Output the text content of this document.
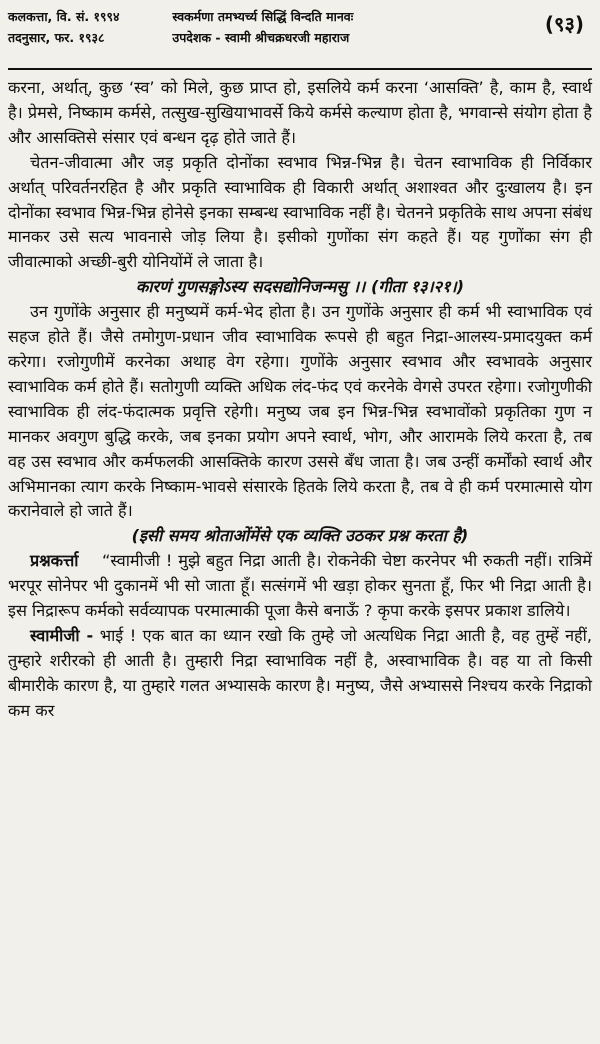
कलकत्ता, वि. सं. १९९४	स्वकर्मणा तमभ्यर्च्य सिद्धिं विन्दति मानवः
तदनुसार, फर. १९३८	उपदेशक - स्वामी श्रीचक्रधरजी महाराज
(९३)

करना, अर्थात्, कुछ ‘स्व’ को मिले, कुछ प्राप्त हो, इसलिये कर्म करना ‘आसक्ति’ है, काम है, स्वार्थ है। प्रेमसे, निष्काम कर्मसे, तत्सुख-सुखियाभावर्से किये कर्मसे कल्याण होता है, भगवान्से संयोग होता है और आसक्तिसे संसार एवं बन्धन दृढ़ होते जाते हैं।

चेतन-जीवात्मा और जड़ प्रकृति दोनोंका स्वभाव भिन्न-भिन्न है। चेतन स्वाभाविक ही निर्विकार अर्थात् परिवर्तनरहित है और प्रकृति स्वाभाविक ही विकारी अर्थात् अशाश्वत और दुःखालय है। इन दोनोंका स्वभाव भिन्न-भिन्न होनेसे इनका सम्बन्ध स्वाभाविक नहीं है। चेतनने प्रकृतिके साथ अपना संबंध मानकर उसे सत्य भावनासे जोड़ लिया है। इसीको गुणोंका संग कहते हैं। यह गुणोंका संग ही जीवात्माको अच्छी-बुरी योनियोंमें ले जाता है।

कारणं गुणसङ्गोऽस्य सदसद्योनिजन्मसु ।। (गीता १३।२१।)

उन गुणोंके अनुसार ही मनुष्यमें कर्म-भेद होता है। उन गुणोंके अनुसार ही कर्म भी स्वाभाविक एवं सहज होते हैं। जैसे तमोगुण-प्रधान जीव स्वाभाविक रूपसे ही बहुत निद्रा-आलस्य-प्रमादयुक्त कर्म करेगा। रजोगुणीमें करनेका अथाह वेग रहेगा। गुणोंके अनुसार स्वभाव और स्वभावके अनुसार स्वाभाविक कर्म होते हैं। सतोगुणी व्यक्ति अधिक लंद-फंद एवं करनेके वेगसे उपरत रहेगा। रजोगुणीकी स्वाभाविक ही लंद-फंदात्मक प्रवृत्ति रहेगी। मनुष्य जब इन भिन्न-भिन्न स्वभावोंको प्रकृतिका गुण न मानकर अवगुण बुद्धि करके, जब इनका प्रयोग अपने स्वार्थ, भोग, और आरामके लिये करता है, तब वह उस स्वभाव और कर्मफलकी आसक्तिके कारण उससे बँध जाता है। जब उन्हीं कर्मोंको स्वार्थ और अभिमानका त्याग करके निष्काम-भावसे संसारके हितके लिये करता है, तब वे ही कर्म परमात्मासे योग करानेवाले हो जाते हैं।

(इसी समय श्रोताओंमेंसे एक व्यक्ति उठकर प्रश्न करता है)

प्रश्नकर्त्ता “स्वामीजी ! मुझे बहुत निद्रा आती है। रोकनेकी चेष्टा करनेपर भी रुकती नहीं। रात्रिमें भरपूर सोनेपर भी दुकानमें भी सो जाता हूँ। सत्संगमें भी खड़ा होकर सुनता हूँ, फिर भी निद्रा आती है। इस निद्रारूप कर्मको सर्वव्यापक परमात्माकी पूजा कैसे बनाऊँ ? कृपा करके इसपर प्रकाश डालिये।

स्वामीजी - भाई ! एक बात का ध्यान रखो कि तुम्हे जो अत्यधिक निद्रा आती है, वह तुम्हें नहीं, तुम्हारे शरीरको ही आती है। तुम्हारी निद्रा स्वाभाविक नहीं है, अस्वाभाविक है। वह या तो किसी बीमारीके कारण है, या तुम्हारे गलत अभ्यासके कारण है। मनुष्य, जैसे अभ्याससे निश्चय करके निद्राको कम कर
